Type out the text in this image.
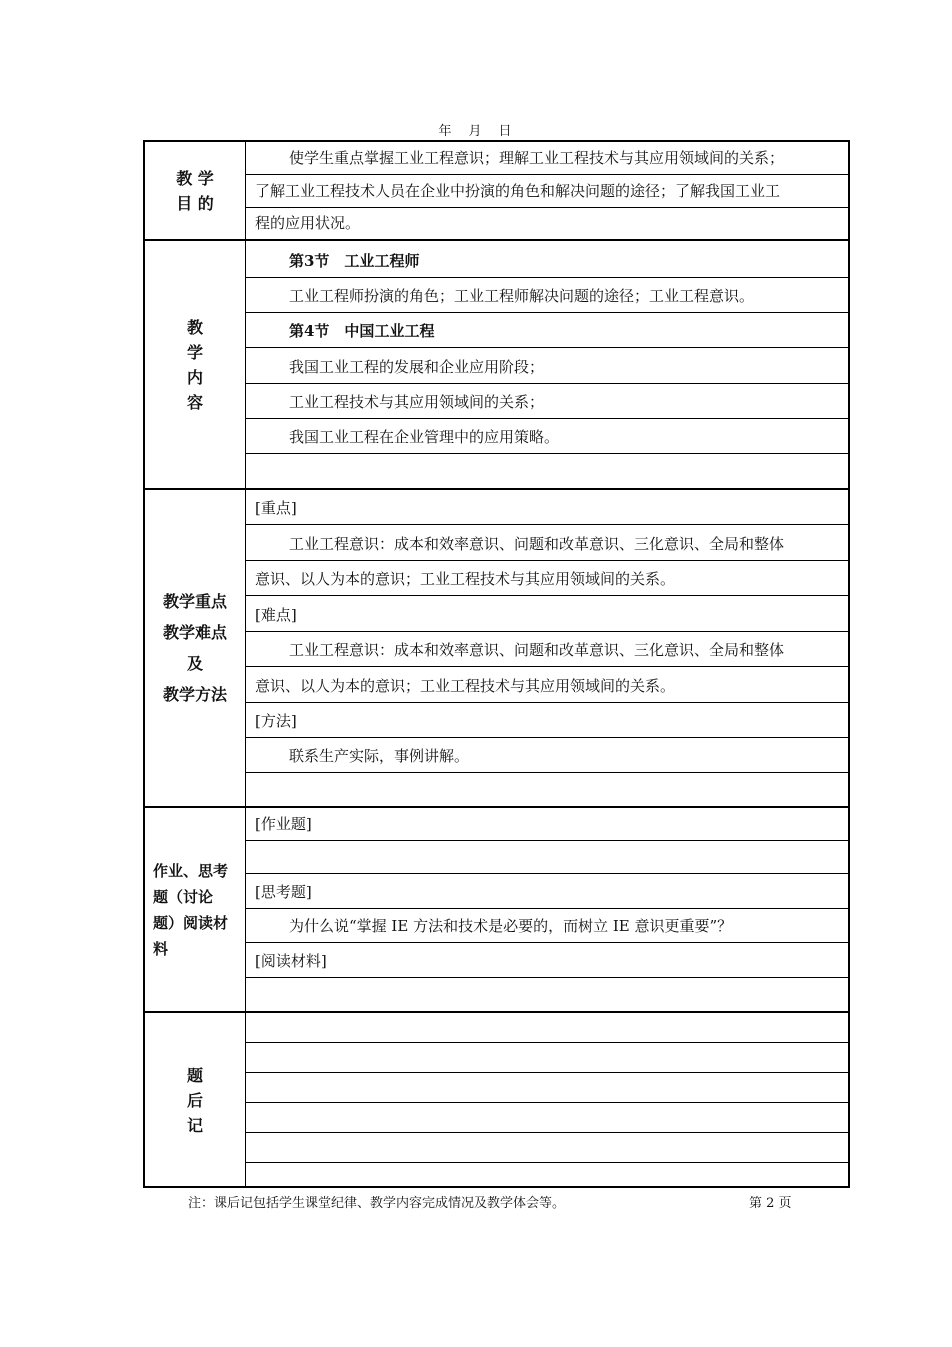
年　月　日
教 学
目 的
使学生重点掌握工业工程意识；理解工业工程技术与其应用领域间的关系；
了解工业工程技术人员在企业中扮演的角色和解决问题的途径；了解我国工业工
程的应用状况。
教
学
内
容
第3节　工业工程师
工业工程师扮演的角色；工业工程师解决问题的途径；工业工程意识。
第4节　中国工业工程
我国工业工程的发展和企业应用阶段；
工业工程技术与其应用领域间的关系；
我国工业工程在企业管理中的应用策略。
教学重点
教学难点
及
教学方法
[重点]
工业工程意识：成本和效率意识、问题和改革意识、三化意识、全局和整体
意识、以人为本的意识；工业工程技术与其应用领域间的关系。
[难点]
工业工程意识：成本和效率意识、问题和改革意识、三化意识、全局和整体
意识、以人为本的意识；工业工程技术与其应用领域间的关系。
[方法]
联系生产实际，事例讲解。
作业、思考
题（讨论
题）阅读材
料
[作业题]
[思考题]
为什么说“掌握 IE 方法和技术是必要的，而树立 IE 意识更重要”？
[阅读材料]
题
后
记
注：课后记包括学生课堂纪律、教学内容完成情况及教学体会等。	第 2 页
